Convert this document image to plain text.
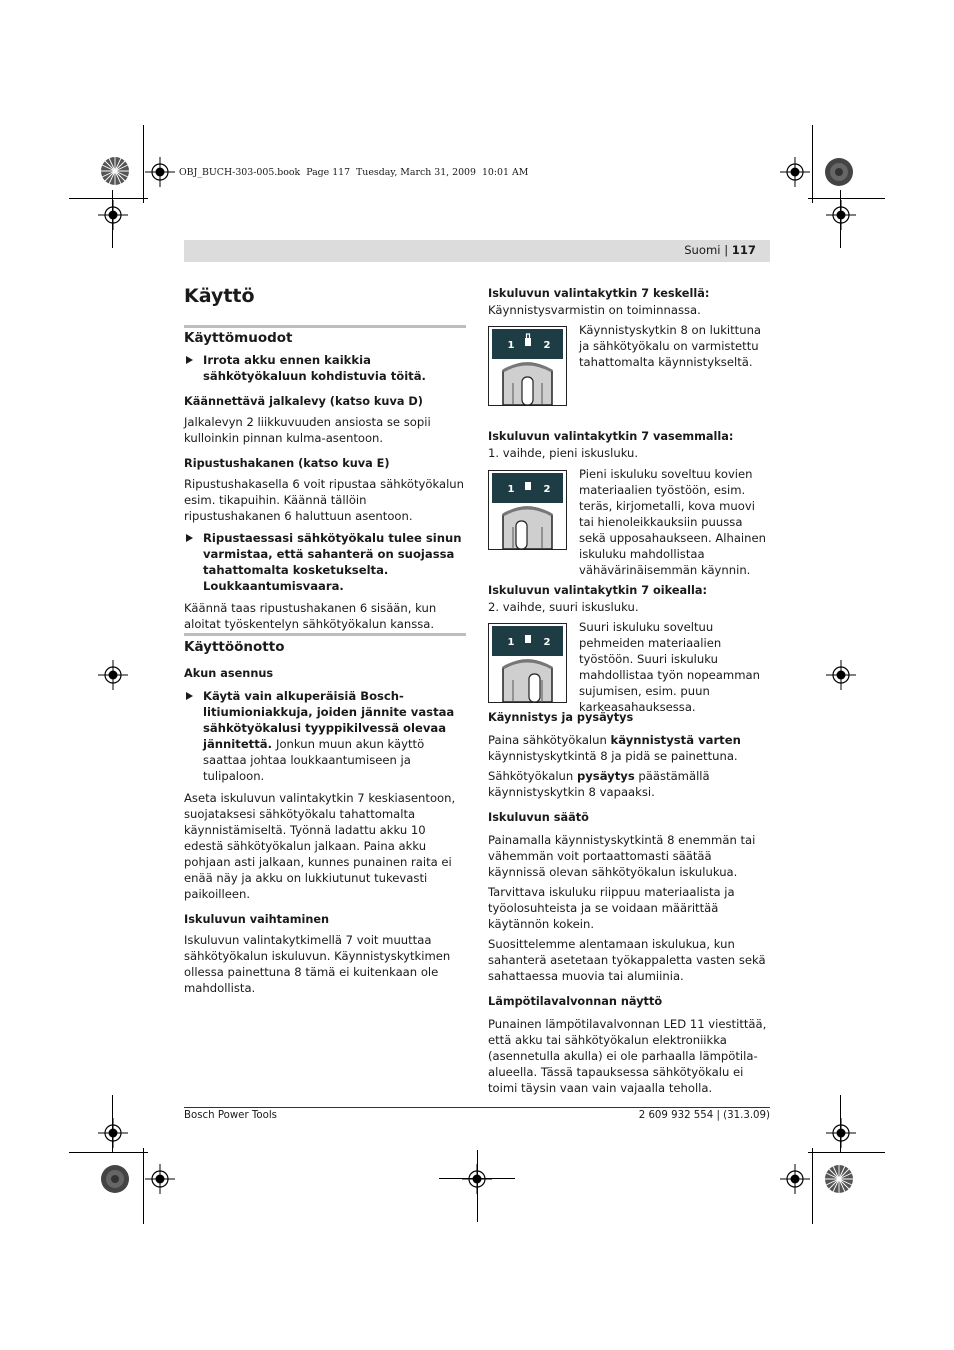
OBJ_BUCH-303-005.book  Page 117  Tuesday, March 31, 2009  10:01 AM
Suomi | 117
Käyttö
Käyttömuodot
Irrota akku ennen kaikkia sähkötyökaluun kohdistuvia töitä.

Käännettävä jalkalevy (katso kuva D)

Jalkalevyn 2 liikkuvuuden ansiosta se sopii kulloinkin pinnan kulma-asentoon.

Ripustushakanen (katso kuva E)

Ripustushakasella 6 voit ripustaa sähkötyökalun esim. tikapuihin. Käännä tällöin ripustushakanen 6 haluttuun asentoon.

Ripustaessasi sähkötyökalu tulee sinun varmistaa, että sahanterä on suojassa tahattomalta kosketukselta. Loukkaantumisvaara.

Käännä taas ripustushakanen 6 sisään, kun aloitat työskentelyn sähkötyökalun kanssa.

Käyttöönotto

Akun asennus

Käytä vain alkuperäisiä Bosch-litiumioniakkuja, joiden jännite vastaa sähkötyökalusi tyyppikilvessä olevaa jännitettä. Jonkun muun akun käyttö saattaa johtaa loukkaantumiseen ja tulipaloon.

Aseta iskuluvun valintakytkin 7 keskiasentoon, suojataksesi sähkötyökalu tahattomalta käynnistämiseltä. Työnnä ladattu akku 10 edestä sähkötyökalun jalkaan. Paina akku pohjaan asti jalkaan, kunnes punainen raita ei enää näy ja akku on lukkiutunut tukevasti paikoilleen.

Iskuluvun vaihtaminen

Iskuluvun valintakytkimellä 7 voit muuttaa sähkötyökalun iskuluvun. Käynnistyskytkimen ollessa painettuna 8 tämä ei kuitenkaan ole mahdollista.

Iskuluvun valintakytkin 7 keskellä:

Käynnistysvarmistin on toiminnassa.

Käynnistyskytkin 8 on lukittuna ja sähkötyökalu on varmistettu tahattomalta käynnistykseltä.

Iskuluvun valintakytkin 7 vasemmalla:

1. vaihde, pieni iskusluku.

Pieni iskuluku soveltuu kovien materiaalien työstöön, esim. teräs, kirjometalli, kova muovi tai hienoleikkauksiin puussa sekä upposahaukseen. Alhainen iskuluku mahdollistaa vähävärinäisemmän käynnin.

Iskuluvun valintakytkin 7 oikealla:

2. vaihde, suuri iskusluku.

Suuri iskuluku soveltuu pehmeiden materiaalien työstöön. Suuri iskuluku mahdollistaa työn nopeamman sujumisen, esim. puun karkeasahauksessa.
1	2
1	2
1	2

Käynnistys ja pysäytys

Paina sähkötyökalun käynnistystä varten käynnistyskytkintä 8 ja pidä se painettuna.

Sähkötyökalun pysäytys päästämällä käynnistyskytkin 8 vapaaksi.

Iskuluvun säätö

Painamalla käynnistyskytkintä 8 enemmän tai vähemmän voit portaattomasti säätää käynnissä olevan sähkötyökalun iskulukua.

Tarvittava iskuluku riippuu materiaalista ja työolosuhteista ja se voidaan määrittää käytännön kokein.

Suosittelemme alentamaan iskulukua, kun sahanterä asetetaan työkappaletta vasten sekä sahattaessa muovia tai alumiinia.

Lämpötilavalvonnan näyttö

Punainen lämpötilavalvonnan LED 11 viestittää, että akku tai sähkötyökalun elektroniikka (asennetulla akulla) ei ole parhaalla lämpötila-alueella. Tässä tapauksessa sähkötyökalu ei toimi täysin vaan vain vajaalla teholla.

Bosch Power Tools	2 609 932 554 | (31.3.09)
